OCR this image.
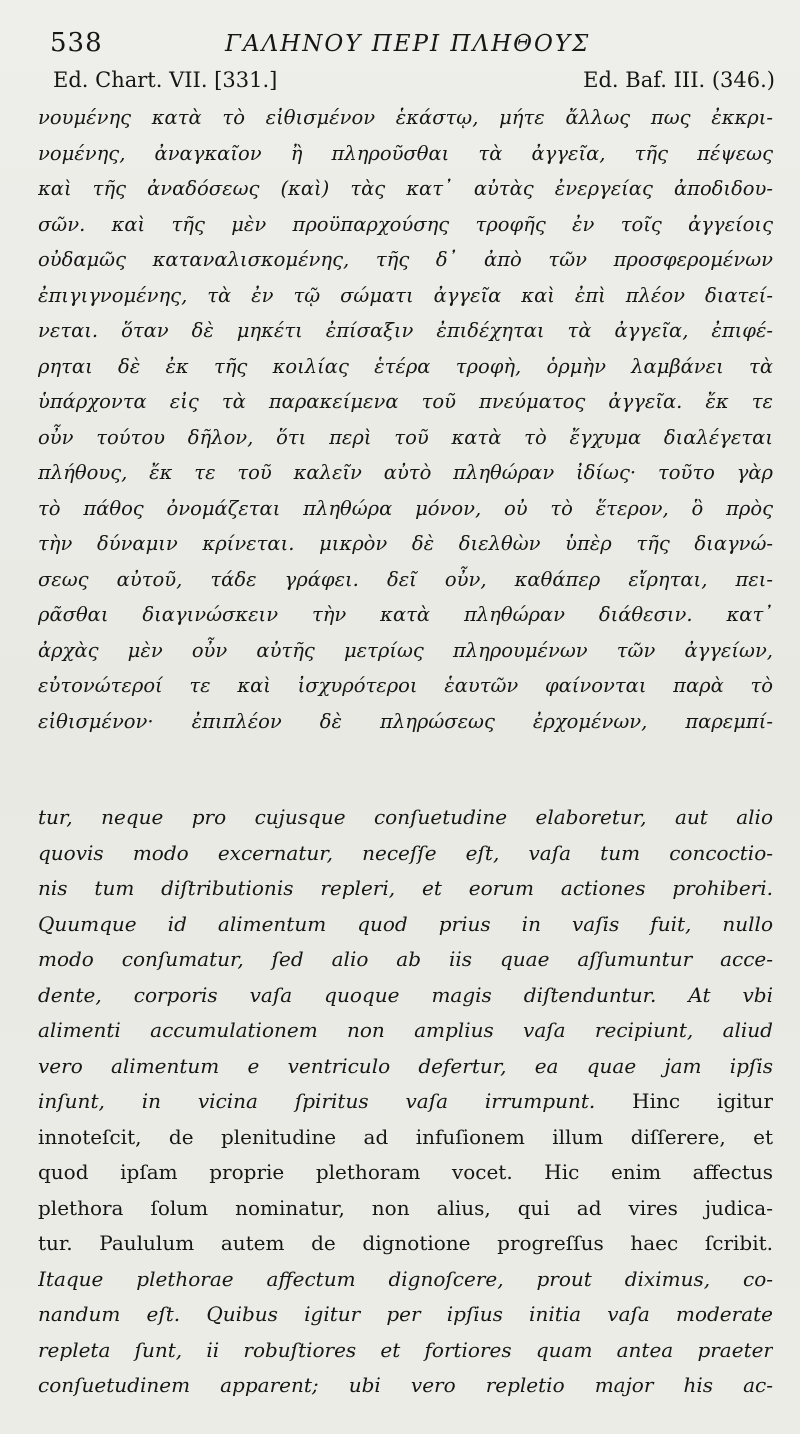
538	ΓΑΛΗΝΟΥ ΠΕΡΙ ΠΛΗΘΟΥΣ
Ed. Chart. VII. [331.]	Ed. Baf. III. (346.)
νουμένης κατὰ τὸ εἰθισμένον ἑκάστῳ, μήτε ἄλλως πως ἐκκρι-
νομένης, ἀναγκαῖον ἢ πληροῦσθαι τὰ ἀγγεῖα, τῆς πέψεως
καὶ τῆς ἀναδόσεως (καὶ) τὰς κατ᾽ αὐτὰς ἐνεργείας ἀποδιδου-
σῶν. καὶ τῆς μὲν προϋπαρχούσης τροφῆς ἐν τοῖς ἀγγείοις
οὐδαμῶς καταναλισκομένης, τῆς δ᾽ ἀπὸ τῶν προσφερομένων
ἐπιγιγνομένης, τὰ ἐν τῷ σώματι ἀγγεῖα καὶ ἐπὶ πλέον διατεί-
νεται. ὅταν δὲ μηκέτι ἐπίσαξιν ἐπιδέχηται τὰ ἀγγεῖα, ἐπιφέ-
ρηται δὲ ἐκ τῆς κοιλίας ἑτέρα τροφὴ, ὁρμὴν λαμβάνει τὰ
ὑπάρχοντα εἰς τὰ παρακείμενα τοῦ πνεύματος ἀγγεῖα. ἔκ τε
οὖν τούτου δῆλον, ὅτι περὶ τοῦ κατὰ τὸ ἔγχυμα διαλέγεται
πλήθους, ἔκ τε τοῦ καλεῖν αὐτὸ πληθώραν ἰδίως· τοῦτο γὰρ
τὸ πάθος ὀνομάζεται πληθώρα μόνον, οὐ τὸ ἕτερον, ὃ πρὸς
τὴν δύναμιν κρίνεται. μικρὸν δὲ διελθὼν ὑπὲρ τῆς διαγνώ-
σεως αὐτοῦ, τάδε γράφει. δεῖ οὖν, καθάπερ εἴρηται, πει-
ρᾶσθαι διαγινώσκειν τὴν κατὰ πληθώραν διάθεσιν. κατ᾽
ἀρχὰς μὲν οὖν αὐτῆς μετρίως πληρουμένων τῶν ἀγγείων,
εὐτονώτεροί τε καὶ ἰσχυρότεροι ἑαυτῶν φαίνονται παρὰ τὸ
εἰθισμένον· ἐπιπλέον δὲ πληρώσεως ἐρχομένων, παρεμπί-
tur, neque pro cujusque conſuetudine elaboretur, aut alio
quovis modo excernatur, neceſſe eſt, vaſa tum concoctio-
nis tum diſtributionis repleri, et eorum actiones prohiberi.
Quumque id alimentum quod prius in vaſis fuit, nullo
modo conſumatur, ſed alio ab iis quae aſſumuntur acce-
dente, corporis vaſa quoque magis diſtenduntur. At vbi
alimenti accumulationem non amplius vaſa recipiunt, aliud
vero alimentum e ventriculo defertur, ea quae jam ipſis
inſunt, in vicina ſpiritus vaſa irrumpunt. Hinc igitur
innoteſcit, de plenitudine ad infuſionem illum diſſerere, et
quod ipſam proprie plethoram vocet. Hic enim affectus
plethora ſolum nominatur, non alius, qui ad vires judica-
tur. Paululum autem de dignotione progreſſus haec ſcribit.
Itaque plethorae affectum dignoſcere, prout diximus, co-
nandum eſt. Quibus igitur per ipſius initia vaſa moderate
repleta ſunt, ii robuſtiores et fortiores quam antea praeter
conſuetudinem apparent; ubi vero repletio major his ac-
